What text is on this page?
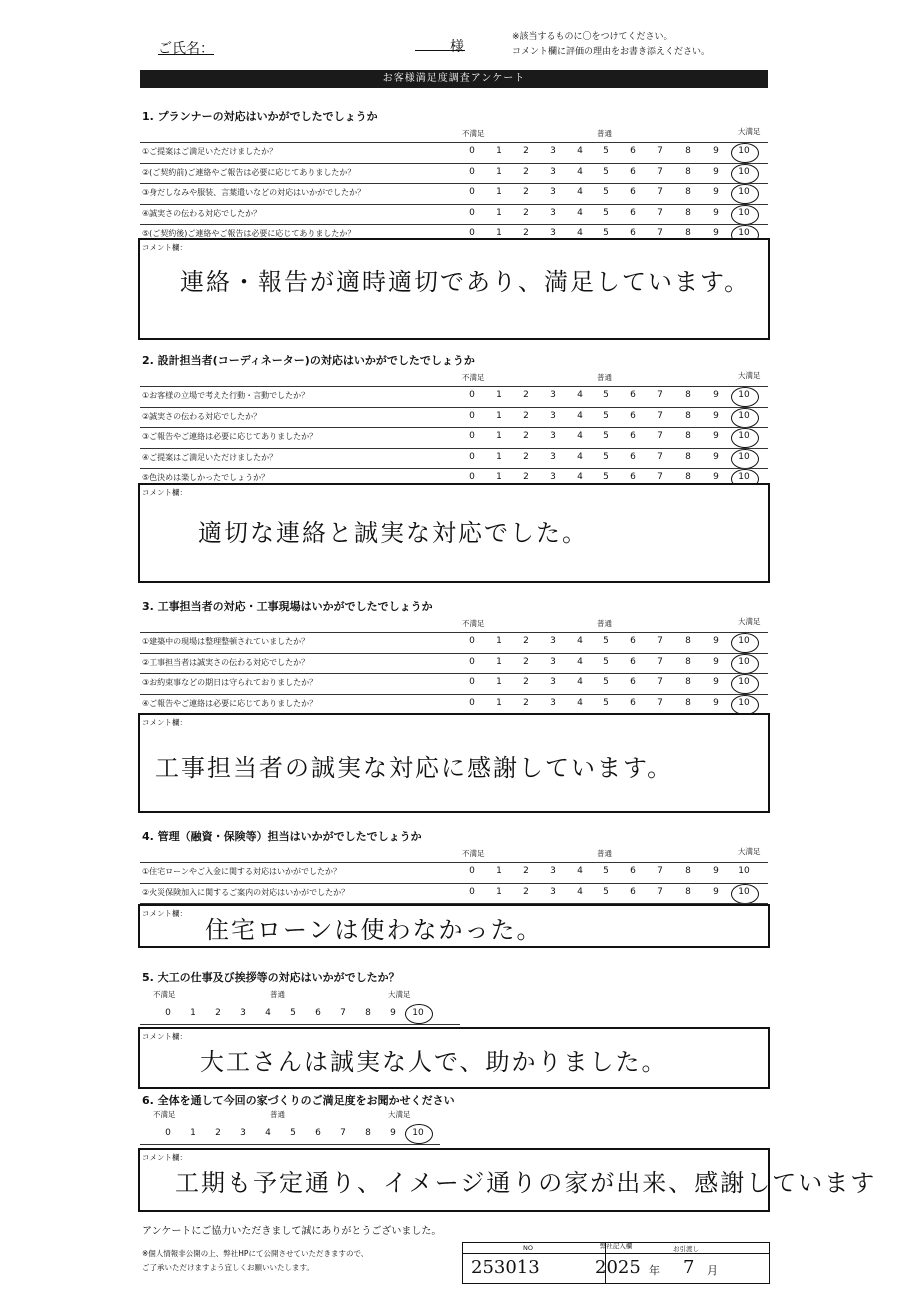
ご氏名：	様
※該当するものに〇をつけてください。
コメント欄に評価の理由をお書き添えください。
お客様満足度調査アンケート
1. プランナーの対応はいかがでしたでしょうか
不満足	普通	大満足
①ご提案はご満足いただけましたか？	0	1	2	3	4	5	6	7	8	9	10
②(ご契約前)ご連絡やご報告は必要に応じてありましたか？	0	1	2	3	4	5	6	7	8	9	10
③身だしなみや服装、言葉遣いなどの対応はいかがでしたか？	0	1	2	3	4	5	6	7	8	9	10
④誠実さの伝わる対応でしたか？	0	1	2	3	4	5	6	7	8	9	10
⑤(ご契約後)ご連絡やご報告は必要に応じてありましたか？	0	1	2	3	4	5	6	7	8	9	10
コメント欄：
連絡・報告が適時適切であり、満足しています。
2. 設計担当者(コーディネーター)の対応はいかがでしたでしょうか
不満足	普通	大満足
①お客様の立場で考えた行動・言動でしたか？	0	1	2	3	4	5	6	7	8	9	10
②誠実さの伝わる対応でしたか？	0	1	2	3	4	5	6	7	8	9	10
③ご報告やご連絡は必要に応じてありましたか？	0	1	2	3	4	5	6	7	8	9	10
④ご提案はご満足いただけましたか？	0	1	2	3	4	5	6	7	8	9	10
⑤色決めは楽しかったでしょうか？	0	1	2	3	4	5	6	7	8	9	10
コメント欄：
適切な連絡と誠実な対応でした。
3. 工事担当者の対応・工事現場はいかがでしたでしょうか
不満足	普通	大満足
①建築中の現場は整理整頓されていましたか？	0	1	2	3	4	5	6	7	8	9	10
②工事担当者は誠実さの伝わる対応でしたか？	0	1	2	3	4	5	6	7	8	9	10
③お約束事などの期日は守られておりましたか？	0	1	2	3	4	5	6	7	8	9	10
④ご報告やご連絡は必要に応じてありましたか？	0	1	2	3	4	5	6	7	8	9	10
コメント欄：
工事担当者の誠実な対応に感謝しています。
4. 管理（融資・保険等）担当はいかがでしたでしょうか
不満足	普通	大満足
①住宅ローンやご入金に関する対応はいかがでしたか？	0	1	2	3	4	5	6	7	8	9	10
②火災保険加入に関するご案内の対応はいかがでしたか？	0	1	2	3	4	5	6	7	8	9	10
コメント欄：
住宅ローンは使わなかった。
5. 大工の仕事及び挨拶等の対応はいかがでしたか？
不満足	普通	大満足
0	1	2	3	4	5	6	7	8	9	10
コメント欄：
大工さんは誠実な人で、助かりました。
6. 全体を通して今回の家づくりのご満足度をお聞かせください
不満足	普通	大満足
0	1	2	3	4	5	6	7	8	9	10
コメント欄：
工期も予定通り、イメージ通りの家が出来、感謝しています
アンケートにご協力いただきまして誠にありがとうございました。
※個人情報非公開の上、弊社HPにて公開させていただきますので、
ご了承いただけますよう宜しくお願いいたします。
弊社記入欄
NO	お引渡し
253013	2025 年 7 月
